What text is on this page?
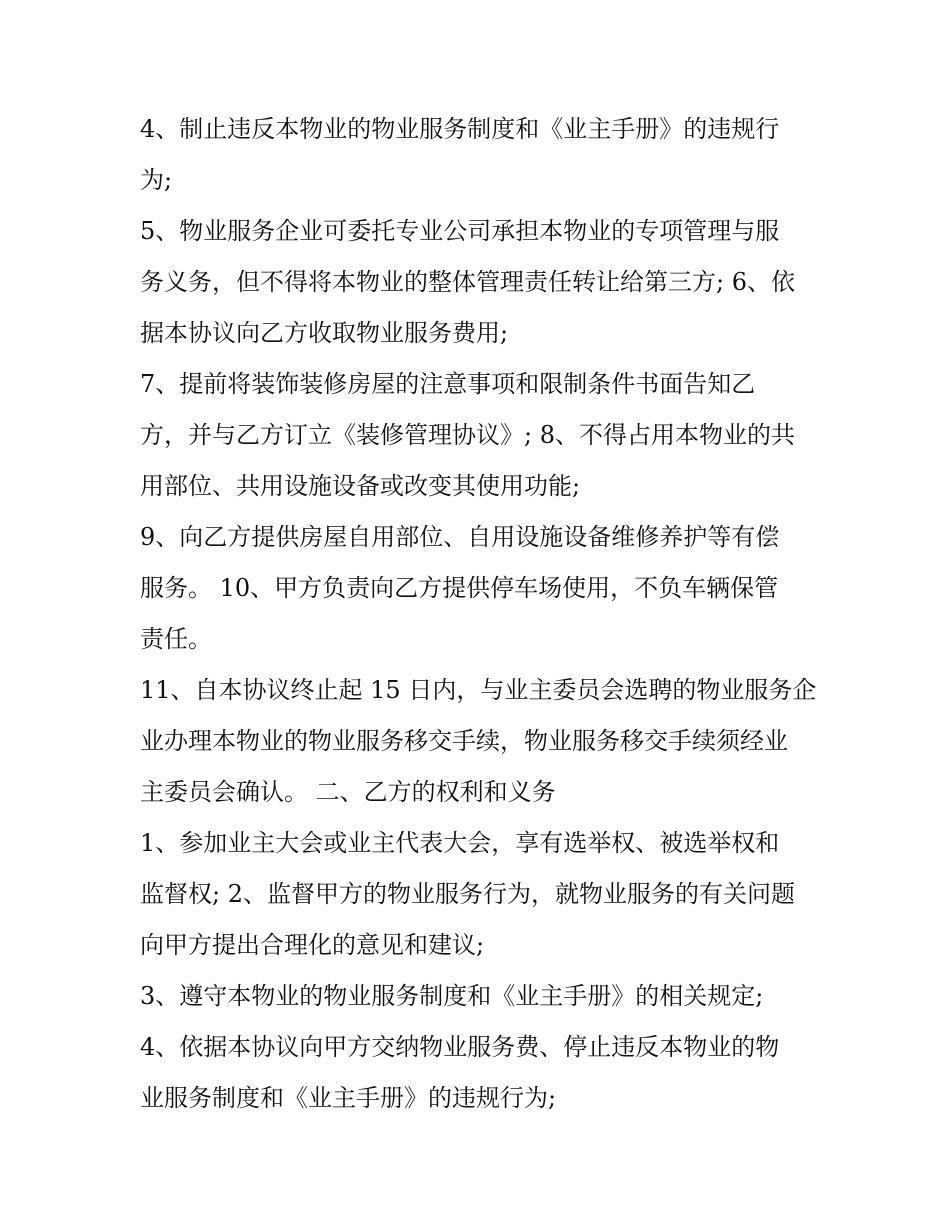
4、制止违反本物业的物业服务制度和《业主手册》的违规行
为;
5、物业服务企业可委托专业公司承担本物业的专项管理与服
务义务，但不得将本物业的整体管理责任转让给第三方; 6、依
据本协议向乙方收取物业服务费用;
7、提前将装饰装修房屋的注意事项和限制条件书面告知乙
方，并与乙方订立《装修管理协议》; 8、不得占用本物业的共
用部位、共用设施设备或改变其使用功能;
9、向乙方提供房屋自用部位、自用设施设备维修养护等有偿
服务。 10、甲方负责向乙方提供停车场使用，不负车辆保管
责任。
11、自本协议终止起 15 日内，与业主委员会选聘的物业服务企
业办理本物业的物业服务移交手续，物业服务移交手续须经业
主委员会确认。 二、乙方的权利和义务
1、参加业主大会或业主代表大会，享有选举权、被选举权和
监督权; 2、监督甲方的物业服务行为，就物业服务的有关问题
向甲方提出合理化的意见和建议;
3、遵守本物业的物业服务制度和《业主手册》的相关规定;
4、依据本协议向甲方交纳物业服务费、停止违反本物业的物
业服务制度和《业主手册》的违规行为;
